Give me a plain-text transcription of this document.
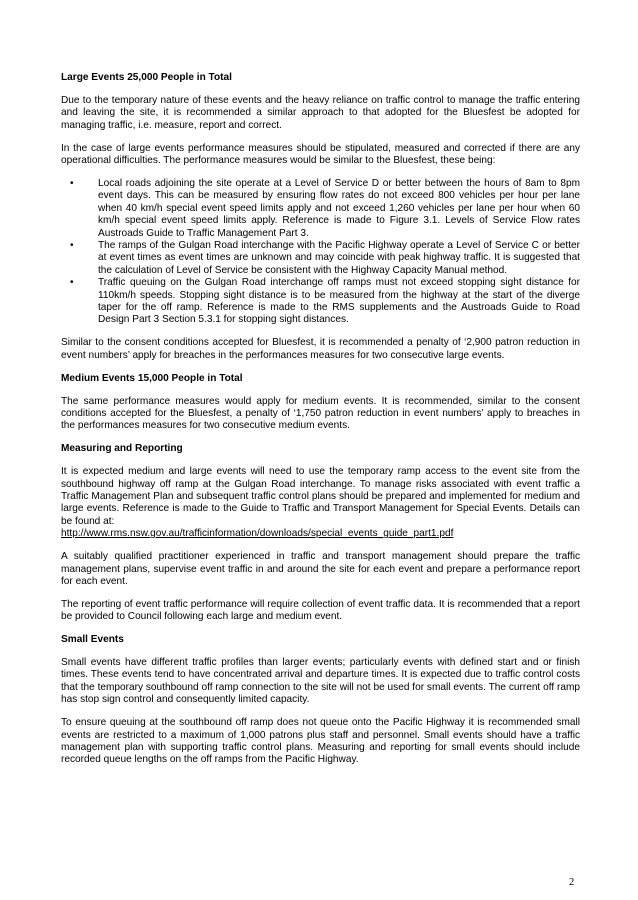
Large Events 25,000 People in Total

Due to the temporary nature of these events and the heavy reliance on traffic control to manage the traffic entering and leaving the site, it is recommended a similar approach to that adopted for the Bluesfest be adopted for managing traffic, i.e. measure, report and correct.

In the case of large events performance measures should be stipulated, measured and corrected if there are any operational difficulties. The performance measures would be similar to the Bluesfest, these being:

• Local roads adjoining the site operate at a Level of Service D or better between the hours of 8am to 8pm event days. This can be measured by ensuring flow rates do not exceed 800 vehicles per hour per lane when 40 km/h special event speed limits apply and not exceed 1,260 vehicles per lane per hour when 60 km/h special event speed limits apply. Reference is made to Figure 3.1. Levels of Service Flow rates Austroads Guide to Traffic Management Part 3.
• The ramps of the Gulgan Road interchange with the Pacific Highway operate a Level of Service C or better at event times as event times are unknown and may coincide with peak highway traffic. It is suggested that the calculation of Level of Service be consistent with the Highway Capacity Manual method.
• Traffic queuing on the Gulgan Road interchange off ramps must not exceed stopping sight distance for 110km/h speeds. Stopping sight distance is to be measured from the highway at the start of the diverge taper for the off ramp. Reference is made to the RMS supplements and the Austroads Guide to Road Design Part 3 Section 5.3.1 for stopping sight distances.

Similar to the consent conditions accepted for Bluesfest, it is recommended a penalty of ‘2,900 patron reduction in event numbers’ apply for breaches in the performances measures for two consecutive large events.

Medium Events 15,000 People in Total

The same performance measures would apply for medium events. It is recommended, similar to the consent conditions accepted for the Bluesfest, a penalty of ‘1,750 patron reduction in event numbers’ apply to breaches in the performances measures for two consecutive medium events.

Measuring and Reporting

It is expected medium and large events will need to use the temporary ramp access to the event site from the southbound highway off ramp at the Gulgan Road interchange. To manage risks associated with event traffic a Traffic Management Plan and subsequent traffic control plans should be prepared and implemented for medium and large events. Reference is made to the Guide to Traffic and Transport Management for Special Events. Details can be found at:

http://www.rms.nsw.gov.au/trafficinformation/downloads/special_events_guide_part1.pdf

A suitably qualified practitioner experienced in traffic and transport management should prepare the traffic management plans, supervise event traffic in and around the site for each event and prepare a performance report for each event.

The reporting of event traffic performance will require collection of event traffic data. It is recommended that a report be provided to Council following each large and medium event.

Small Events

Small events have different traffic profiles than larger events; particularly events with defined start and or finish times. These events tend to have concentrated arrival and departure times. It is expected due to traffic control costs that the temporary southbound off ramp connection to the site will not be used for small events. The current off ramp has stop sign control and consequently limited capacity.

To ensure queuing at the southbound off ramp does not queue onto the Pacific Highway it is recommended small events are restricted to a maximum of 1,000 patrons plus staff and personnel. Small events should have a traffic management plan with supporting traffic control plans. Measuring and reporting for small events should include recorded queue lengths on the off ramps from the Pacific Highway.

2
